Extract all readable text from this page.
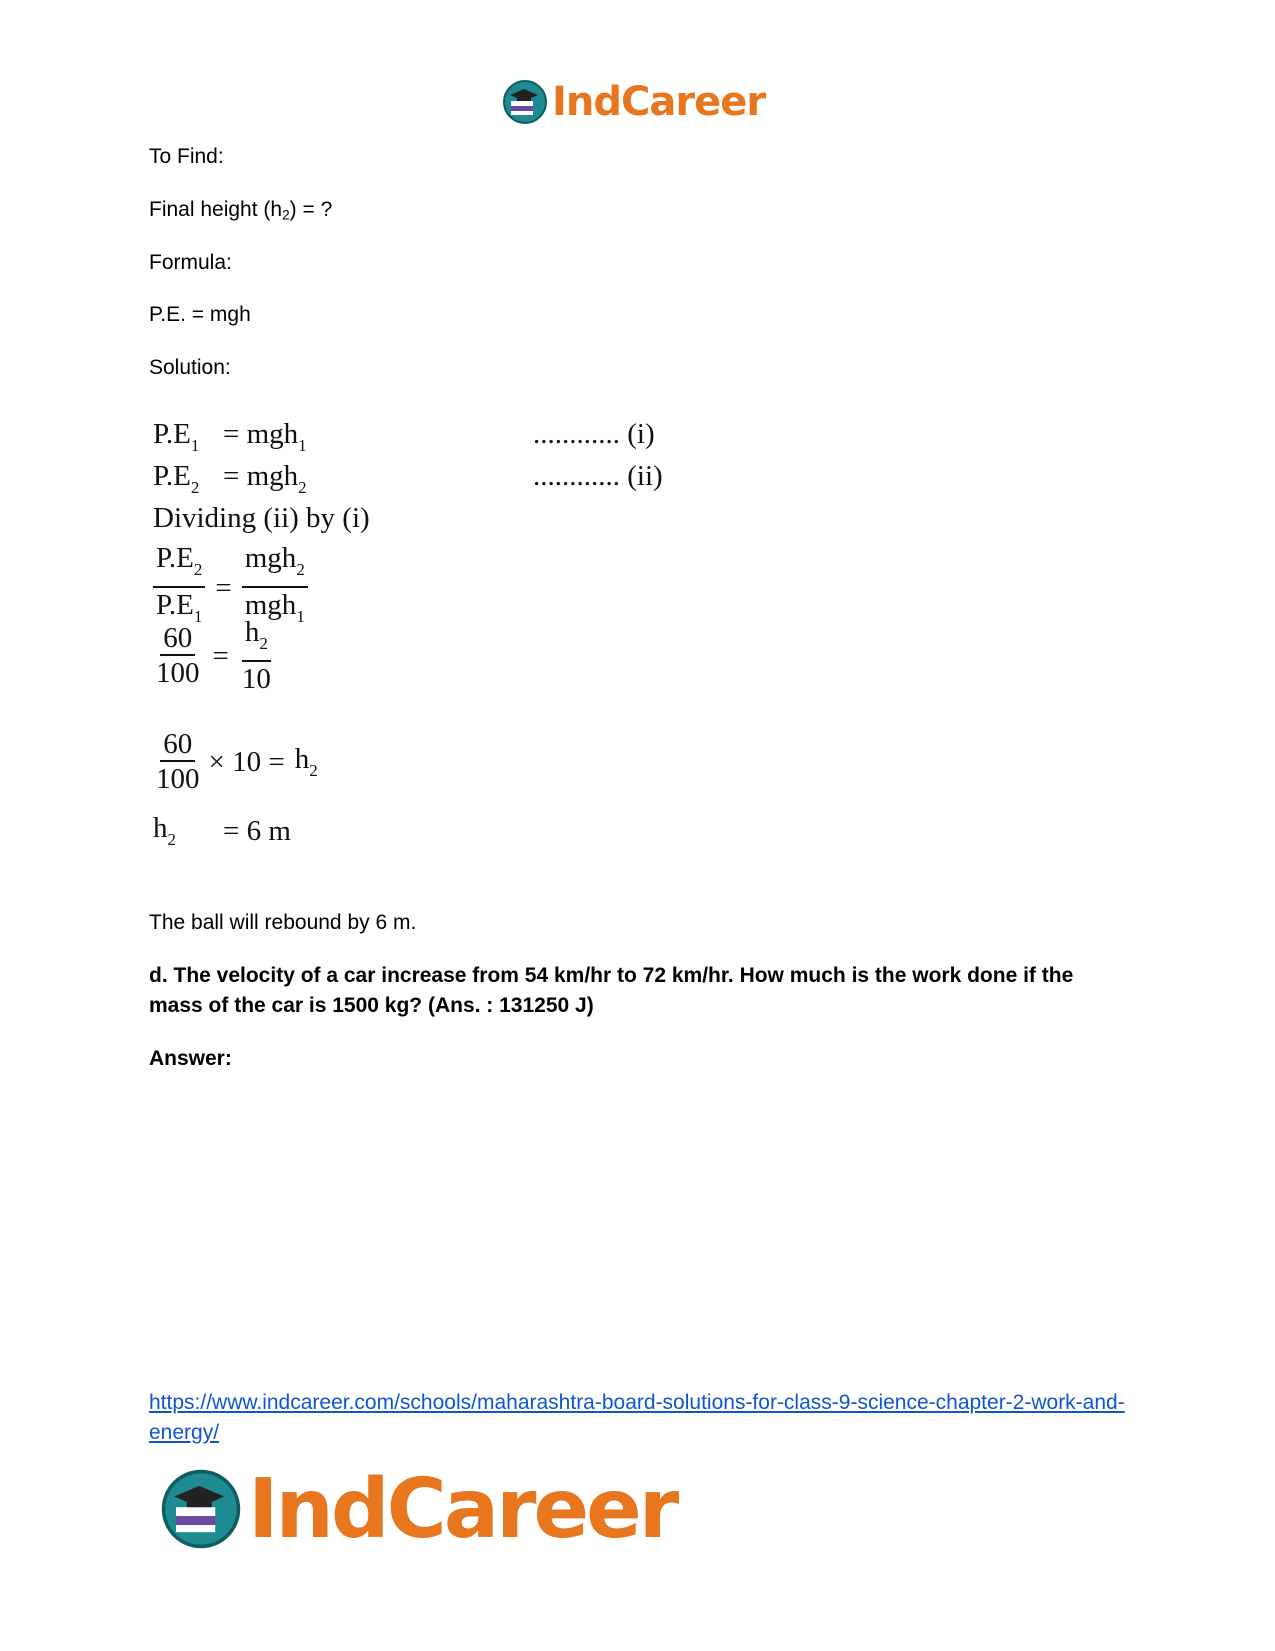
IndCareer

To Find:

Final height $(h_2)$ = ?

Formula:

P.E. = mgh

Solution:

$P.E_1 = mgh_1$	............ (i)
$P.E_2 = mgh_2$	............ (ii)
Dividing (ii) by (i)
$\frac{P.E_2}{P.E_1} = \frac{mgh_2}{mgh_1}$
$\frac{60}{100} = \frac{h_2}{10}$
$\frac{60}{100} \times 10 = h_2$
$h_2$	= 6 m

The ball will rebound by 6 m.

d. The velocity of a car increase from 54 km/hr to 72 km/hr. How much is the work done if the mass of the car is 1500 kg? (Ans. : 131250 J)

Answer:

https://www.indcareer.com/schools/maharashtra-board-solutions-for-class-9-science-chapter-2-work-and-energy/
IndCareer
